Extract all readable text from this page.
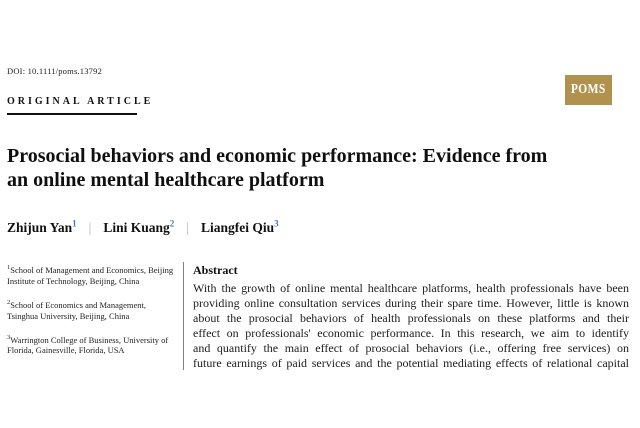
DOI: 10.1111/poms.13792
POMS
ORIGINAL ARTICLE
Prosocial behaviors and economic performance: Evidence from
an online mental healthcare platform
Zhijun Yan$^1$ | Lini Kuang$^2$ | Liangfei Qiu$^3$
$^1$School of Management and Economics, Beijing Institute of Technology, Beijing, China
$^2$School of Economics and Management, Tsinghua University, Beijing, China
$^3$Warrington College of Business, University of Florida, Gainesville, Florida, USA
Abstract
With the growth of online mental healthcare platforms, health professionals have been
providing online consultation services during their spare time. However, little is known
about the prosocial behaviors of health professionals on these platforms and their
effect on professionals' economic performance. In this research, we aim to identify
and quantify the main effect of prosocial behaviors (i.e., offering free services) on
future earnings of paid services and the potential mediating effects of relational capital
